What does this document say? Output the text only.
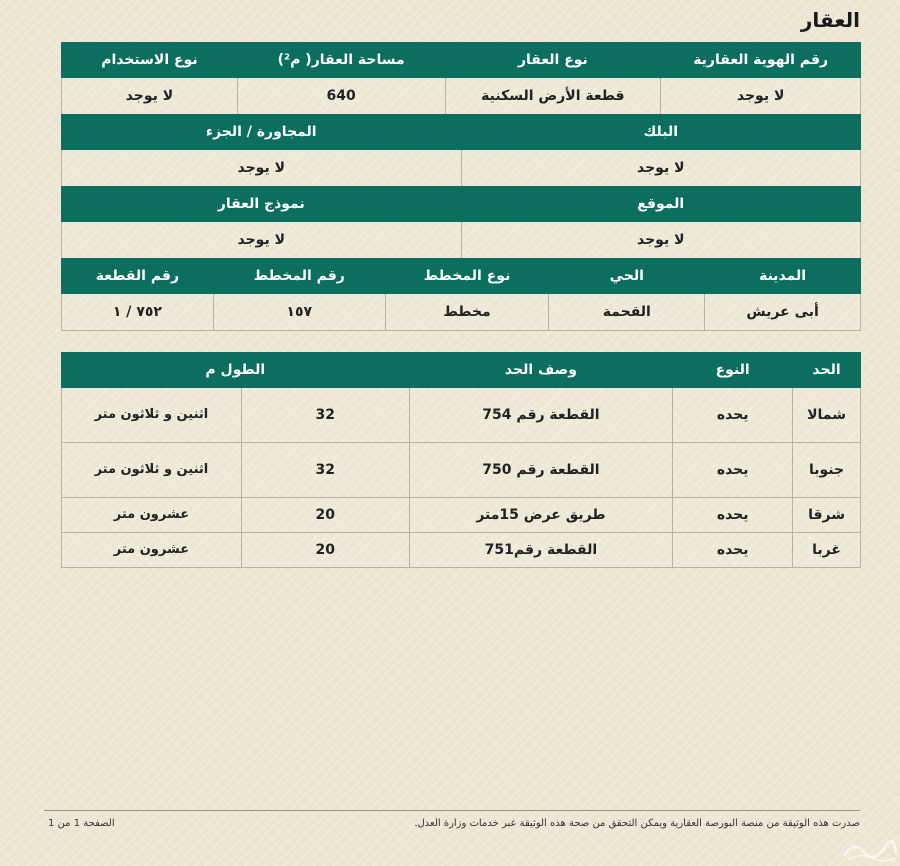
العقار
رقم الهوية العقارية	نوع العقار	مساحة العقار( م²)	نوع الاستخدام
لا يوجد	قطعة الأرض السكنية	640	لا يوجد
البلك	المجاورة / الجزء
لا يوجد	لا يوجد
الموقع	نموذج العقار
لا يوجد	لا يوجد
المدينة	الحي	نوع المخطط	رقم المخطط	رقم القطعة
أبى عريش	القحمة	مخطط	١٥٧	٧٥٢ / ١
الحد	النوع	وصف الحد	الطول م	
شمالا	يحده	القطعة رقم 754	32	اثنين و ثلاثون متر
جنوبا	يحده	القطعة رقم 750	32	اثنين و ثلاثون متر
شرقا	يحده	طريق عرض 15متر	20	عشرون متر
غربا	يحده	القطعة رقم751	20	عشرون متر
صدرت هذه الوثيقة من منصة البورصة العقارية ويمكن التحقق من صحة هذه الوثيقة عبر خدمات وزارة العدل.
الصفحة 1 من 1
